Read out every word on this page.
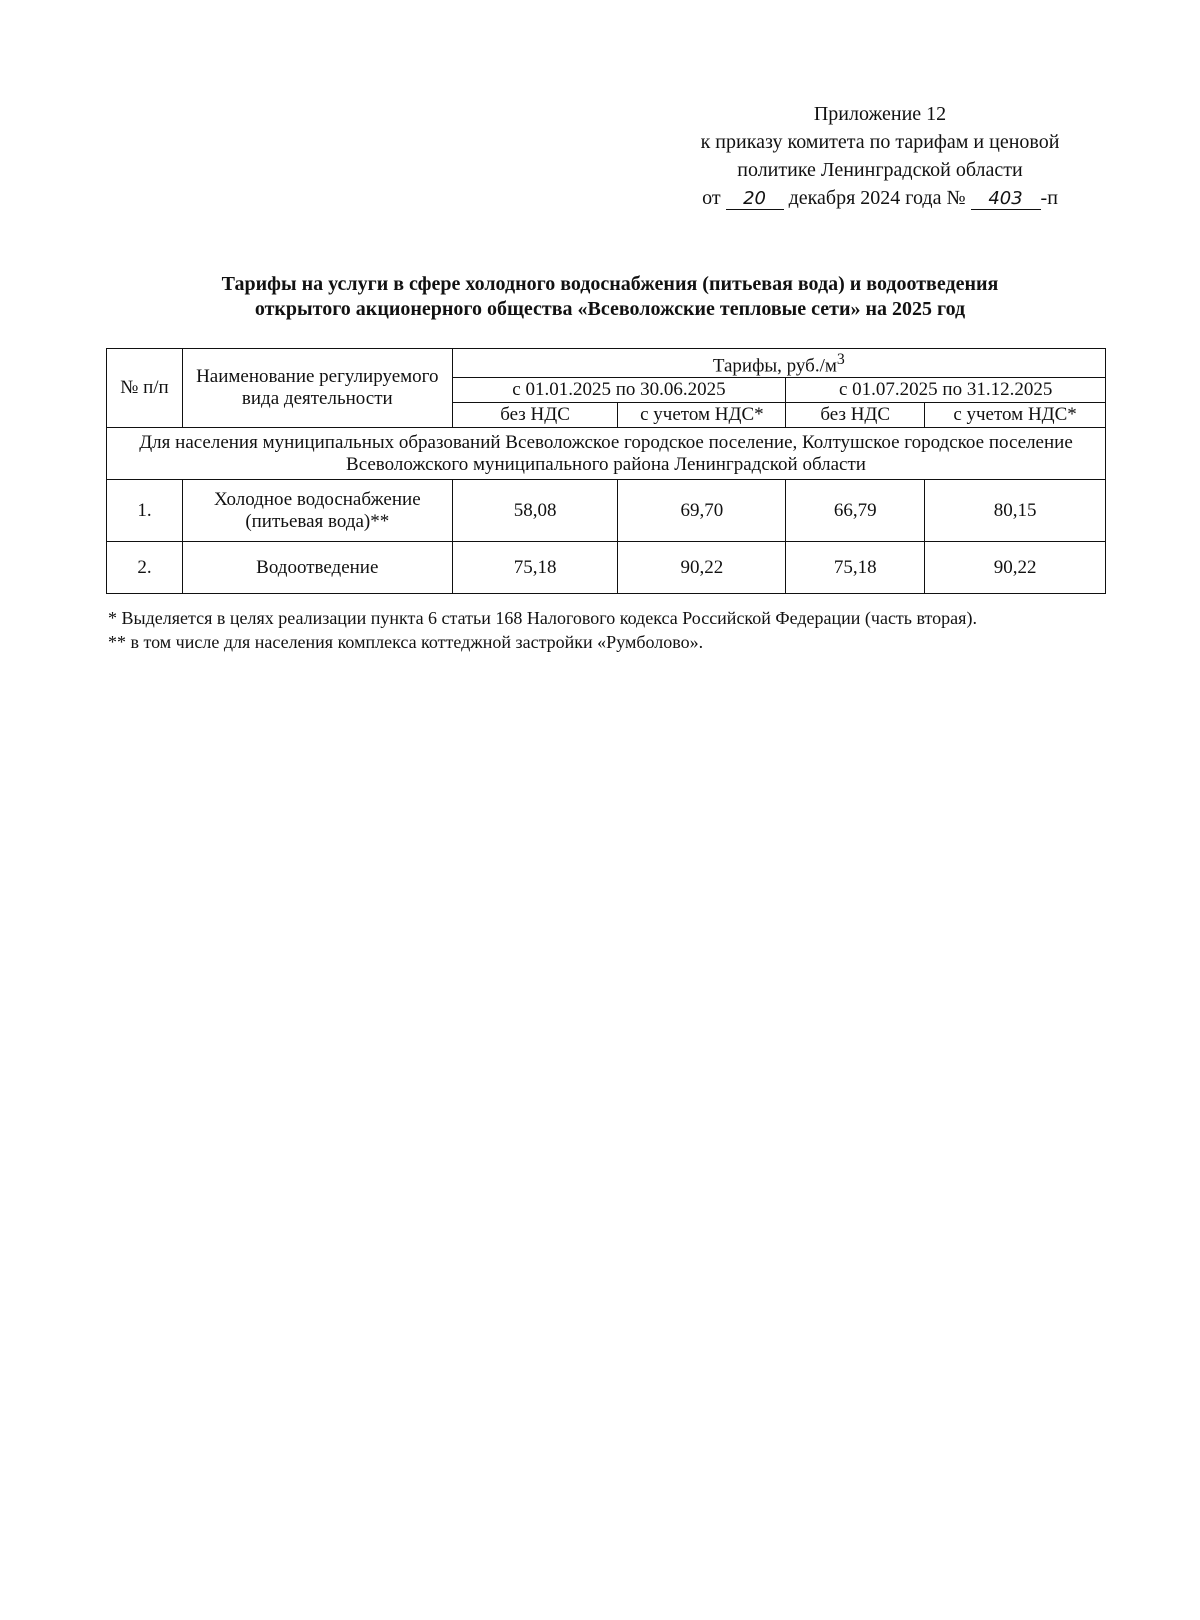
Приложение 12
к приказу комитета по тарифам и ценовой
политике Ленинградской области
от 20 декабря 2024 года № 403 -п
Тарифы на услуги в сфере холодного водоснабжения (питьевая вода) и водоотведения
открытого акционерного общества «Всеволожские тепловые сети» на 2025 год
№ п/п	Наименование регулируемого вида деятельности	Тарифы, $руб./м^3$
		с 01.01.2025 по 30.06.2025		с 01.07.2025 по 31.12.2025	
		без НДС	с учетом НДС*	без НДС	с учетом НДС*
Для населения муниципальных образований Всеволожское городское поселение, Колтушское городское поселение Всеволожского муниципального района Ленинградской области					
1.	Холодное водоснабжение (питьевая вода)**	58,08	69,70	66,79	80,15
2.	Водоотведение	75,18	90,22	75,18	90,22

* Выделяется в целях реализации пункта 6 статьи 168 Налогового кодекса Российской Федерации (часть вторая).

** в том числе для населения комплекса коттеджной застройки «Румболово».
